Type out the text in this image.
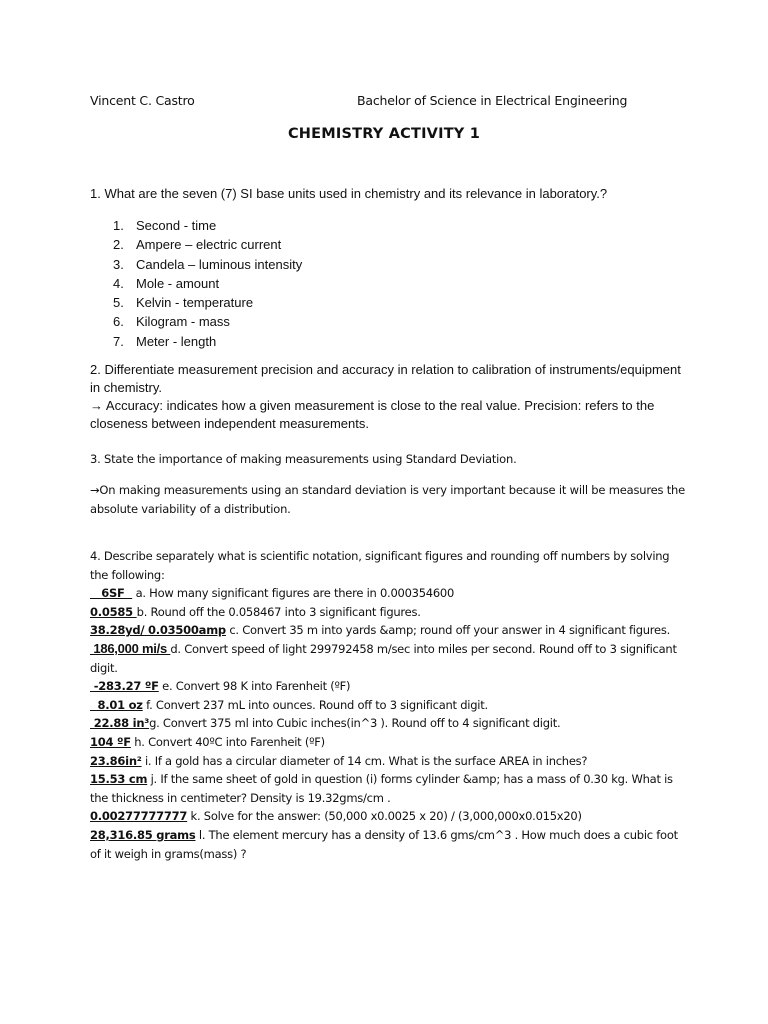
Vincent C. Castro	Bachelor of Science in Electrical Engineering
CHEMISTRY ACTIVITY 1
1. What are the seven (7) SI base units used in chemistry and its relevance in laboratory.?
1. Second - time
2. Ampere – electric current
3. Candela – luminous intensity
4. Mole - amount
5. Kelvin - temperature
6. Kilogram - mass
7. Meter - length
2. Differentiate measurement precision and accuracy in relation to calibration of instruments/equipment in chemistry.
→ Accuracy: indicates how a given measurement is close to the real value. Precision: refers to the closeness between independent measurements.
3. State the importance of making measurements using Standard Deviation.
→On making measurements using an standard deviation is very important because it will be measures the absolute variability of a distribution.

4. Describe separately what is scientific notation, significant figures and rounding off numbers by solving the following:

6SF   a. How many significant figures are there in 0.000354600

0.0585 b. Round off the 0.058467 into 3 significant figures.

38.28yd/ 0.03500amp c. Convert 35 m into yards &amp; round off your answer in 4 significant figures.

186,000 mi/s d. Convert speed of light 299792458 m/sec into miles per second. Round off to 3 significant digit.

-283.27 ºF e. Convert 98 K into Farenheit (ºF)

8.01 oz f. Convert 237 mL into ounces. Round off to 3 significant digit.

22.88 in³g. Convert 375 ml into Cubic inches(in^3 ). Round off to 4 significant digit.

104 ºF h. Convert 40ºC into Farenheit (ºF)

23.86in² i. If a gold has a circular diameter of 14 cm. What is the surface AREA in inches?

15.53 cm j. If the same sheet of gold in question (i) forms cylinder &amp; has a mass of 0.30 kg. What is the thickness in centimeter? Density is 19.32gms/cm .

0.00277777777 k. Solve for the answer: (50,000 x0.0025 x 20) / (3,000,000x0.015x20)

28,316.85 grams l. The element mercury has a density of 13.6 gms/cm^3 . How much does a cubic foot of it weigh in grams(mass) ?
